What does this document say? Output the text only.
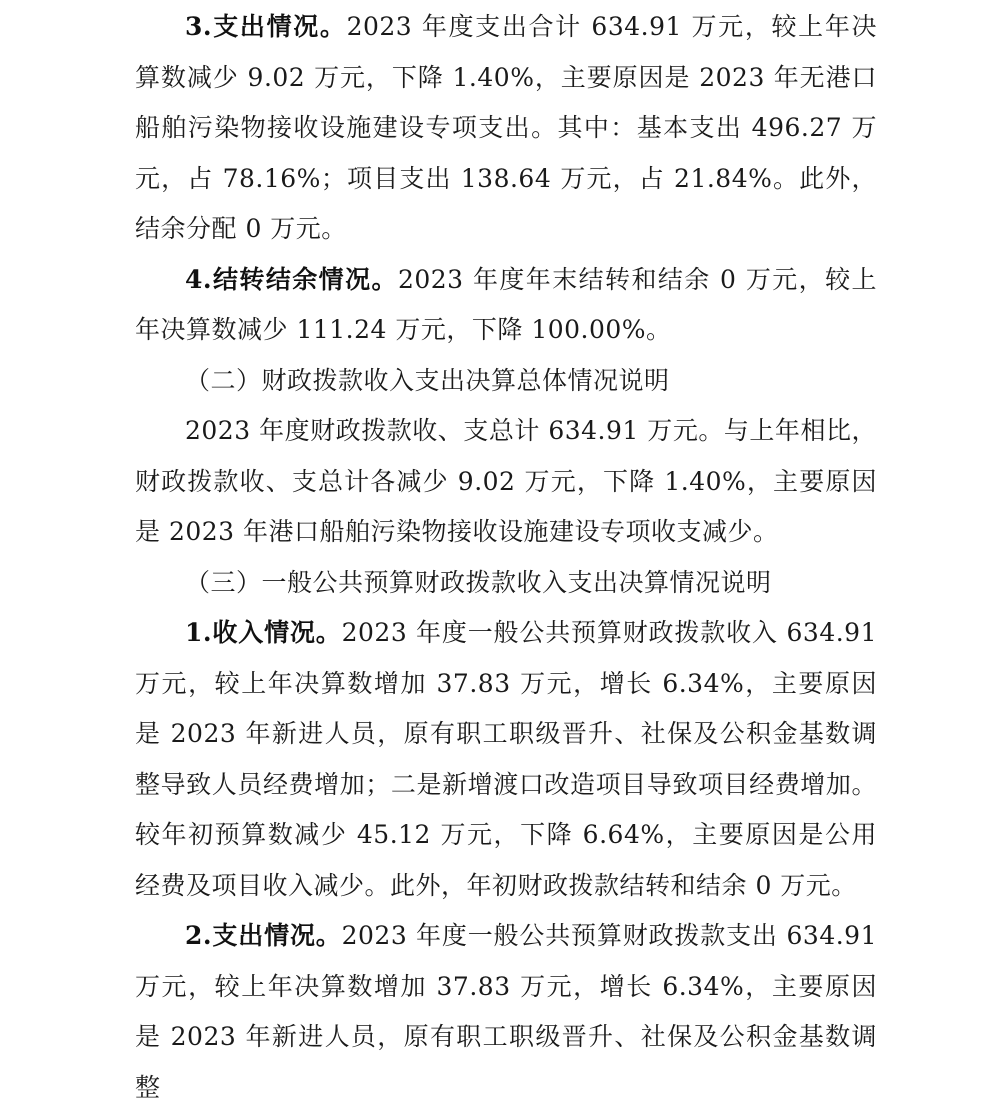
3.支出情况。2023 年度支出合计 634.91 万元，较上年决算数减少 9.02 万元，下降 1.40%，主要原因是 2023 年无港口船舶污染物接收设施建设专项支出。其中：基本支出 496.27 万元，占 78.16%；项目支出 138.64 万元，占 21.84%。此外，结余分配 0 万元。

4.结转结余情况。2023 年度年末结转和结余 0 万元，较上年决算数减少 111.24 万元，下降 100.00%。

（二）财政拨款收入支出决算总体情况说明

2023 年度财政拨款收、支总计 634.91 万元。与上年相比，财政拨款收、支总计各减少 9.02 万元，下降 1.40%，主要原因是 2023 年港口船舶污染物接收设施建设专项收支减少。

（三）一般公共预算财政拨款收入支出决算情况说明

1.收入情况。2023 年度一般公共预算财政拨款收入 634.91 万元，较上年决算数增加 37.83 万元，增长 6.34%，主要原因是 2023 年新进人员，原有职工职级晋升、社保及公积金基数调整导致人员经费增加；二是新增渡口改造项目导致项目经费增加。较年初预算数减少 45.12 万元，下降 6.64%，主要原因是公用经费及项目收入减少。此外，年初财政拨款结转和结余 0 万元。

2.支出情况。2023 年度一般公共预算财政拨款支出 634.91 万元，较上年决算数增加 37.83 万元，增长 6.34%，主要原因是 2023 年新进人员，原有职工职级晋升、社保及公积金基数调整
